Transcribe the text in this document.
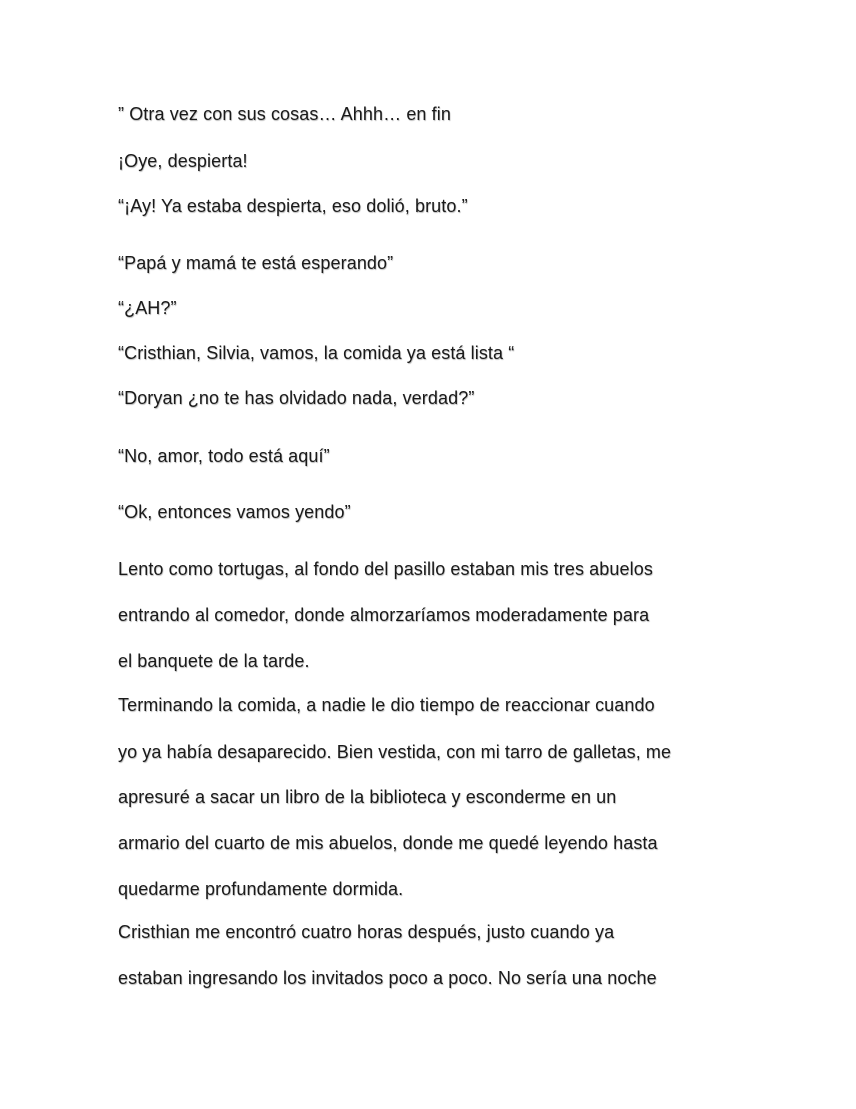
” Otra vez con sus cosas… Ahhh… en fin

¡Oye, despierta!

“¡Ay! Ya estaba despierta, eso dolió, bruto.”

“Papá y mamá te está esperando”

“¿AH?”

“Cristhian, Silvia, vamos, la comida ya está lista “

“Doryan ¿no te has olvidado nada, verdad?”

“No, amor, todo está aquí”

“Ok, entonces vamos yendo”

Lento como tortugas, al fondo del pasillo estaban mis tres abuelos

entrando al comedor, donde almorzaríamos moderadamente para

el banquete de la tarde.

Terminando la comida, a nadie le dio tiempo de reaccionar cuando

yo ya había desaparecido. Bien vestida, con mi tarro de galletas, me

apresuré a sacar un libro de la biblioteca y esconderme en un

armario del cuarto de mis abuelos, donde me quedé leyendo hasta

quedarme profundamente dormida.

Cristhian me encontró cuatro horas después, justo cuando ya

estaban ingresando los invitados poco a poco. No sería una noche
